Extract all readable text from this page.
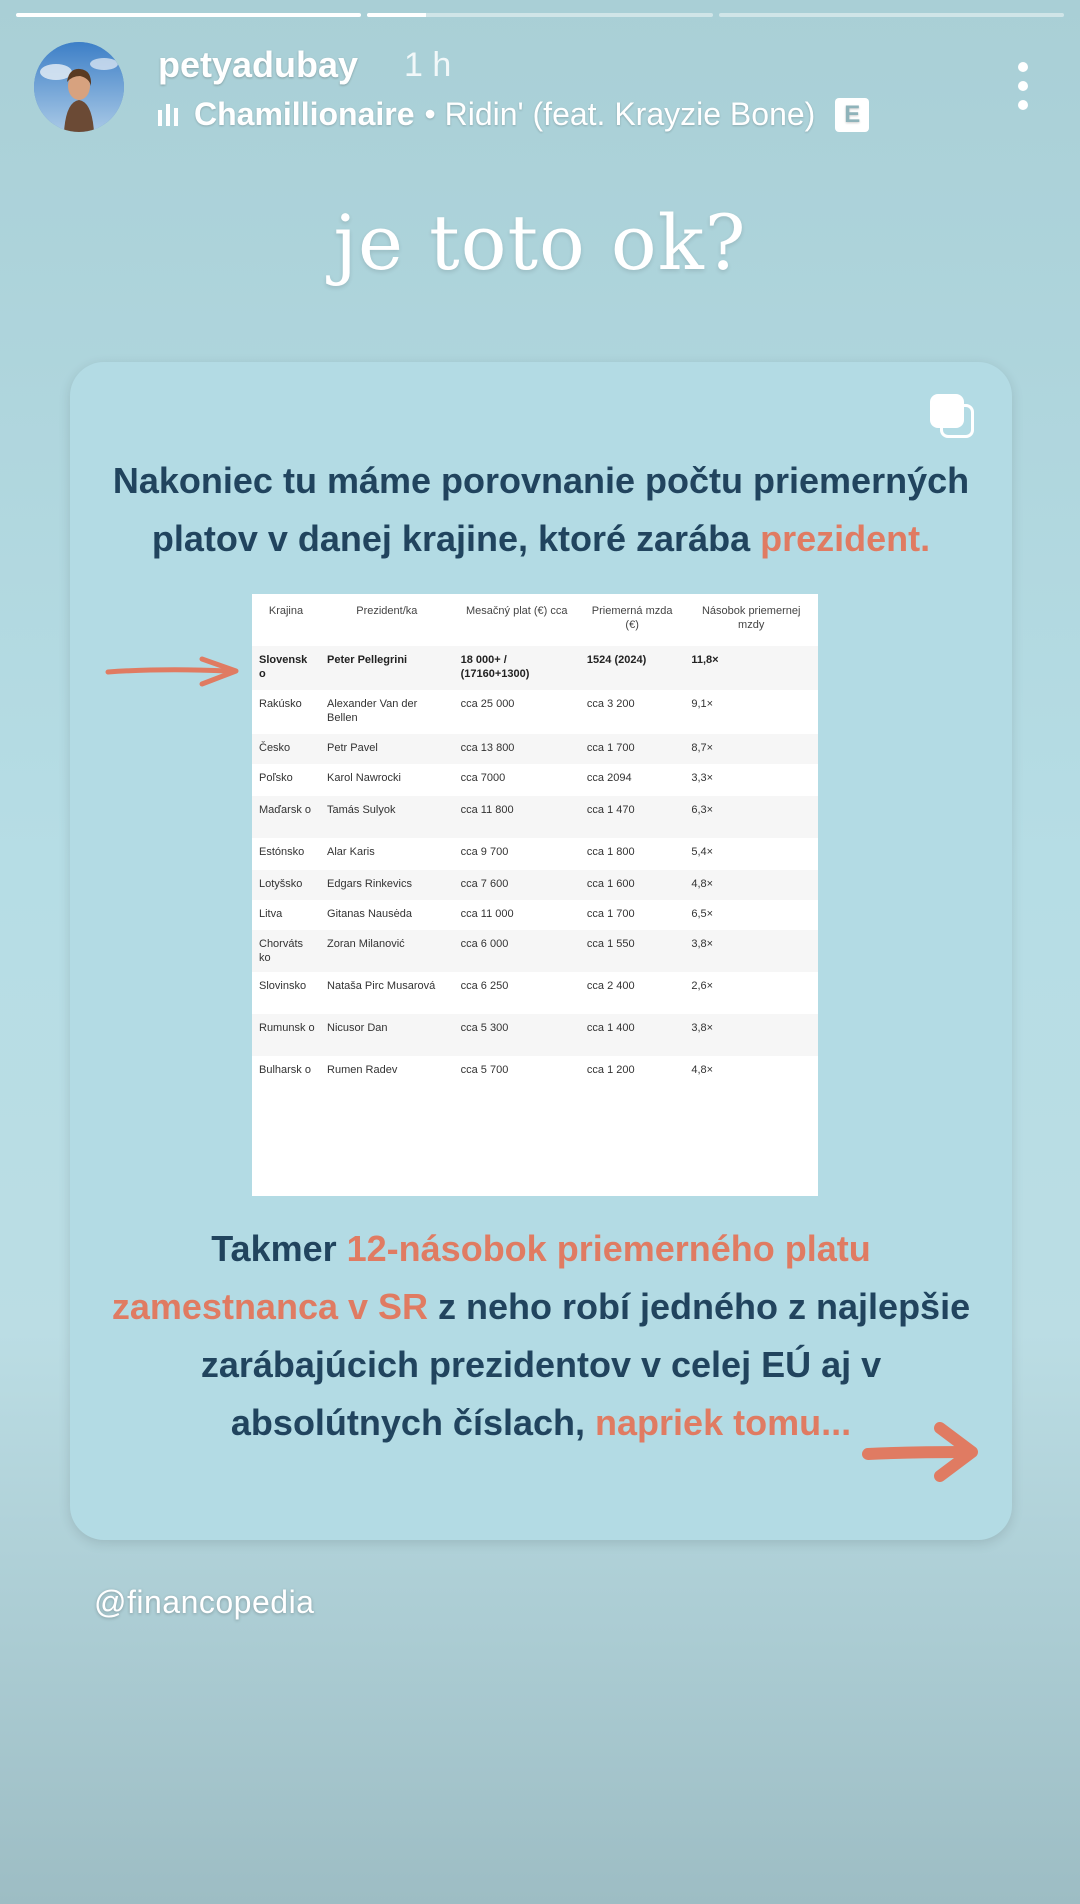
petyadubay 1 h
Chamillionaire • Ridin' (feat. Krayzie Bone)	E
je toto ok?
Nakoniec tu máme porovnanie počtu priemerných platov v danej krajine, ktoré zarába prezident.
Krajina	Prezident/ka	Mesačný plat (€) cca	Priemerná mzda (€)	Násobok priemernej mzdy
Slovensk o	Peter Pellegrini	18 000+ / (17160+1300)	1524 (2024)	11,8×
Rakúsko	Alexander Van der Bellen	cca 25 000	cca 3 200	9,1×
Česko	Petr Pavel	cca 13 800	cca 1 700	8,7×
Poľsko	Karol Nawrocki	cca 7000	cca 2094	3,3×
Maďarsk o	Tamás Sulyok	cca 11 800	cca 1 470	6,3×
Estónsko	Alar Karis	cca 9 700	cca 1 800	5,4×
Lotyšsko	Edgars Rinkevics	cca 7 600	cca 1 600	4,8×
Litva	Gitanas Nausėda	cca 11 000	cca 1 700	6,5×
Chorváts ko	Zoran Milanović	cca 6 000	cca 1 550	3,8×
Slovinsko	Nataša Pirc Musarová	cca 6 250	cca 2 400	2,6×
Rumunsk o	Nicusor Dan	cca 5 300	cca 1 400	3,8×
Bulharsk o	Rumen Radev	cca 5 700	cca 1 200	4,8×
Takmer 12-násobok priemerného platu zamestnanca v SR z neho robí jedného z najlepšie zarábajúcich prezidentov v celej EÚ aj v absolútnych číslach, napriek tomu...
@financopedia
